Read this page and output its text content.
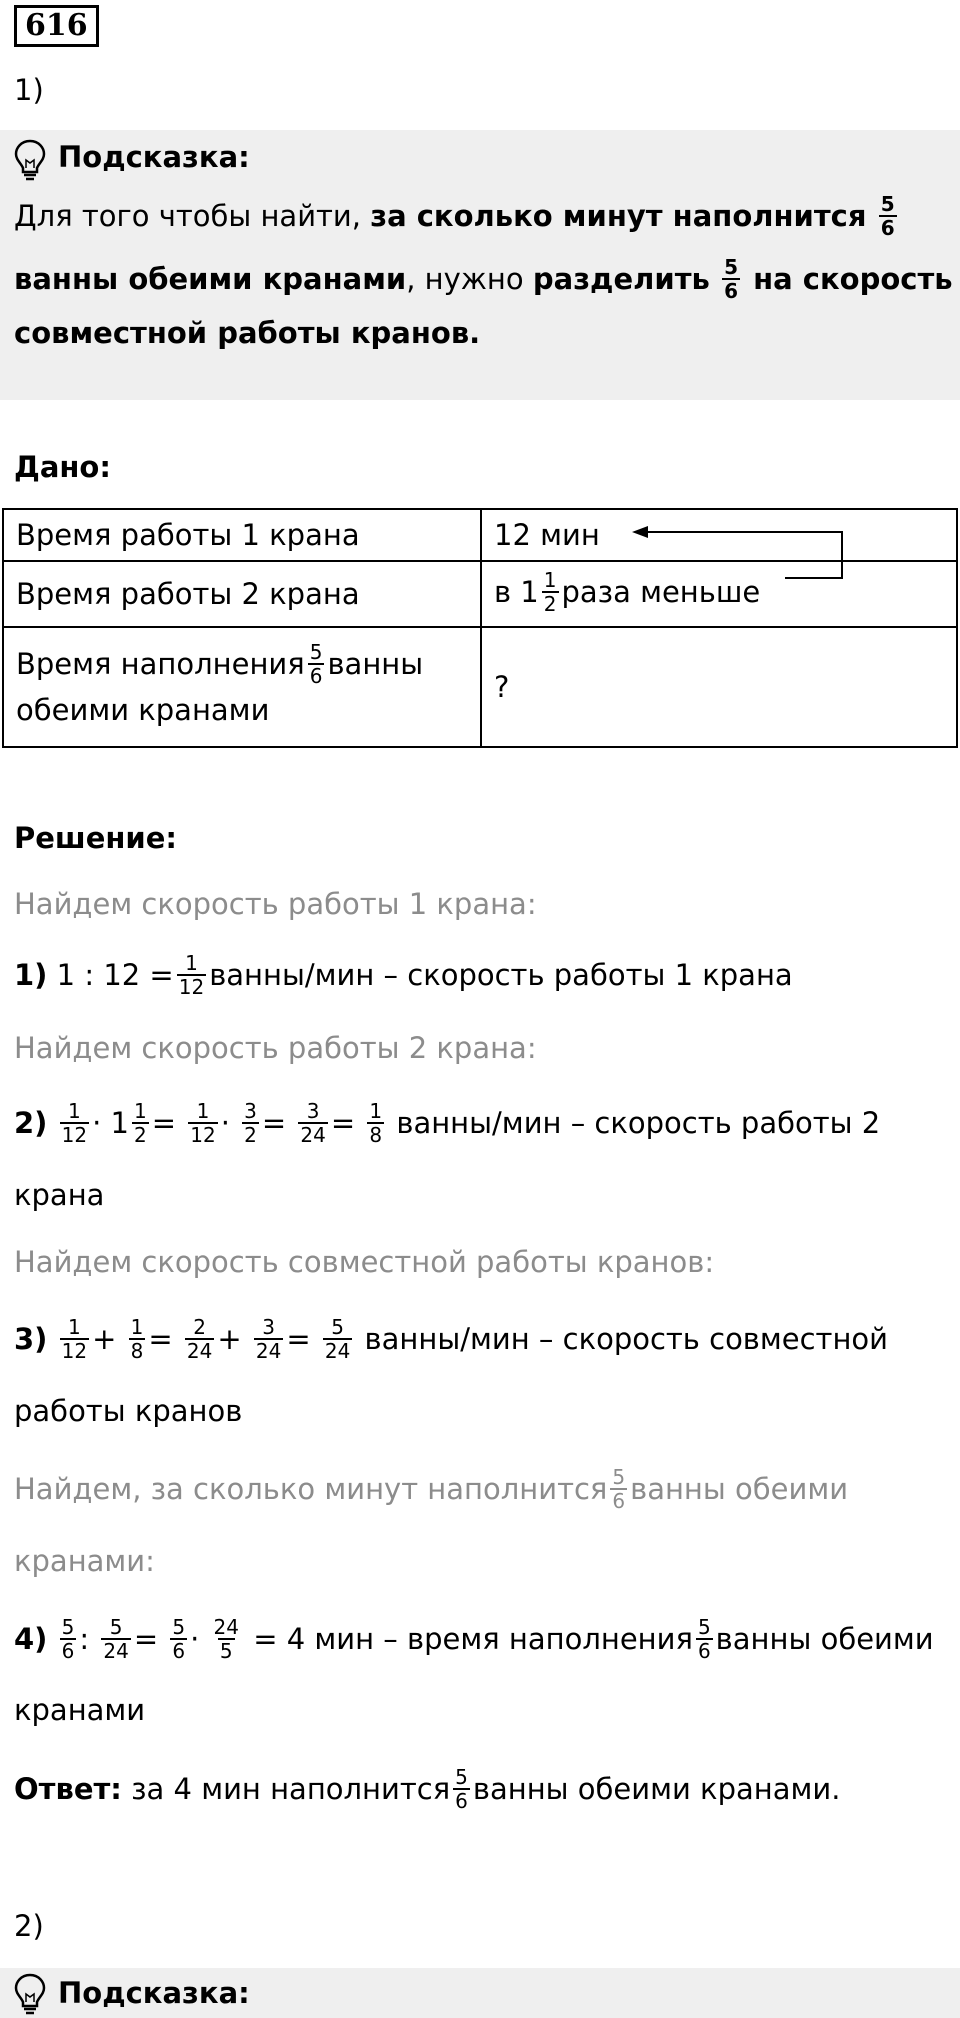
616
1)
Подсказка:
Для того чтобы найти, за сколько минут наполнится $\frac{5}{6}$
ванны обеими кранами, нужно разделить $\frac{5}{6}$ на скорость
совместной работы кранов.
Дано:
Время работы 1 крана	12 мин
Время работы 2 крана	в $1 \frac{1}{2}$ раза меньше

Время наполнения $\frac{5}{6}$ ванны
обеими кранами	?
Решение:
Найдем скорость работы 1 крана:
1) 1 : $12 = \frac{1}{12}$ ванны/мин – скорость работы 1 крана
Найдем скорость работы 2 крана:
$2) \frac{1}{12} \cdot 1 \frac{1}{2} = \frac{1}{12} \cdot \frac{3}{2} = \frac{3}{24} = \frac{1}{8}$ ванны/мин – скорость работы 2
крана
Найдем скорость совместной работы кранов:
$3) \frac{1}{12} + \frac{1}{8} = \frac{2}{24} + \frac{3}{24} = \frac{5}{24}$ ванны/мин – скорость совместной
работы кранов
Найдем, за сколько минут наполнится $\frac{5}{6}$ ванны обеими
кранами:
$4) \frac{5}{6}$ : $\frac{5}{24} = \frac{5}{6} \cdot \frac{24}{5} = 4$ мин – время наполнения $\frac{5}{6}$ ванны обеими
кранами
Ответ: за 4 мин наполнится $\frac{5}{6}$ ванны обеими кранами.
2)
Подсказка:
